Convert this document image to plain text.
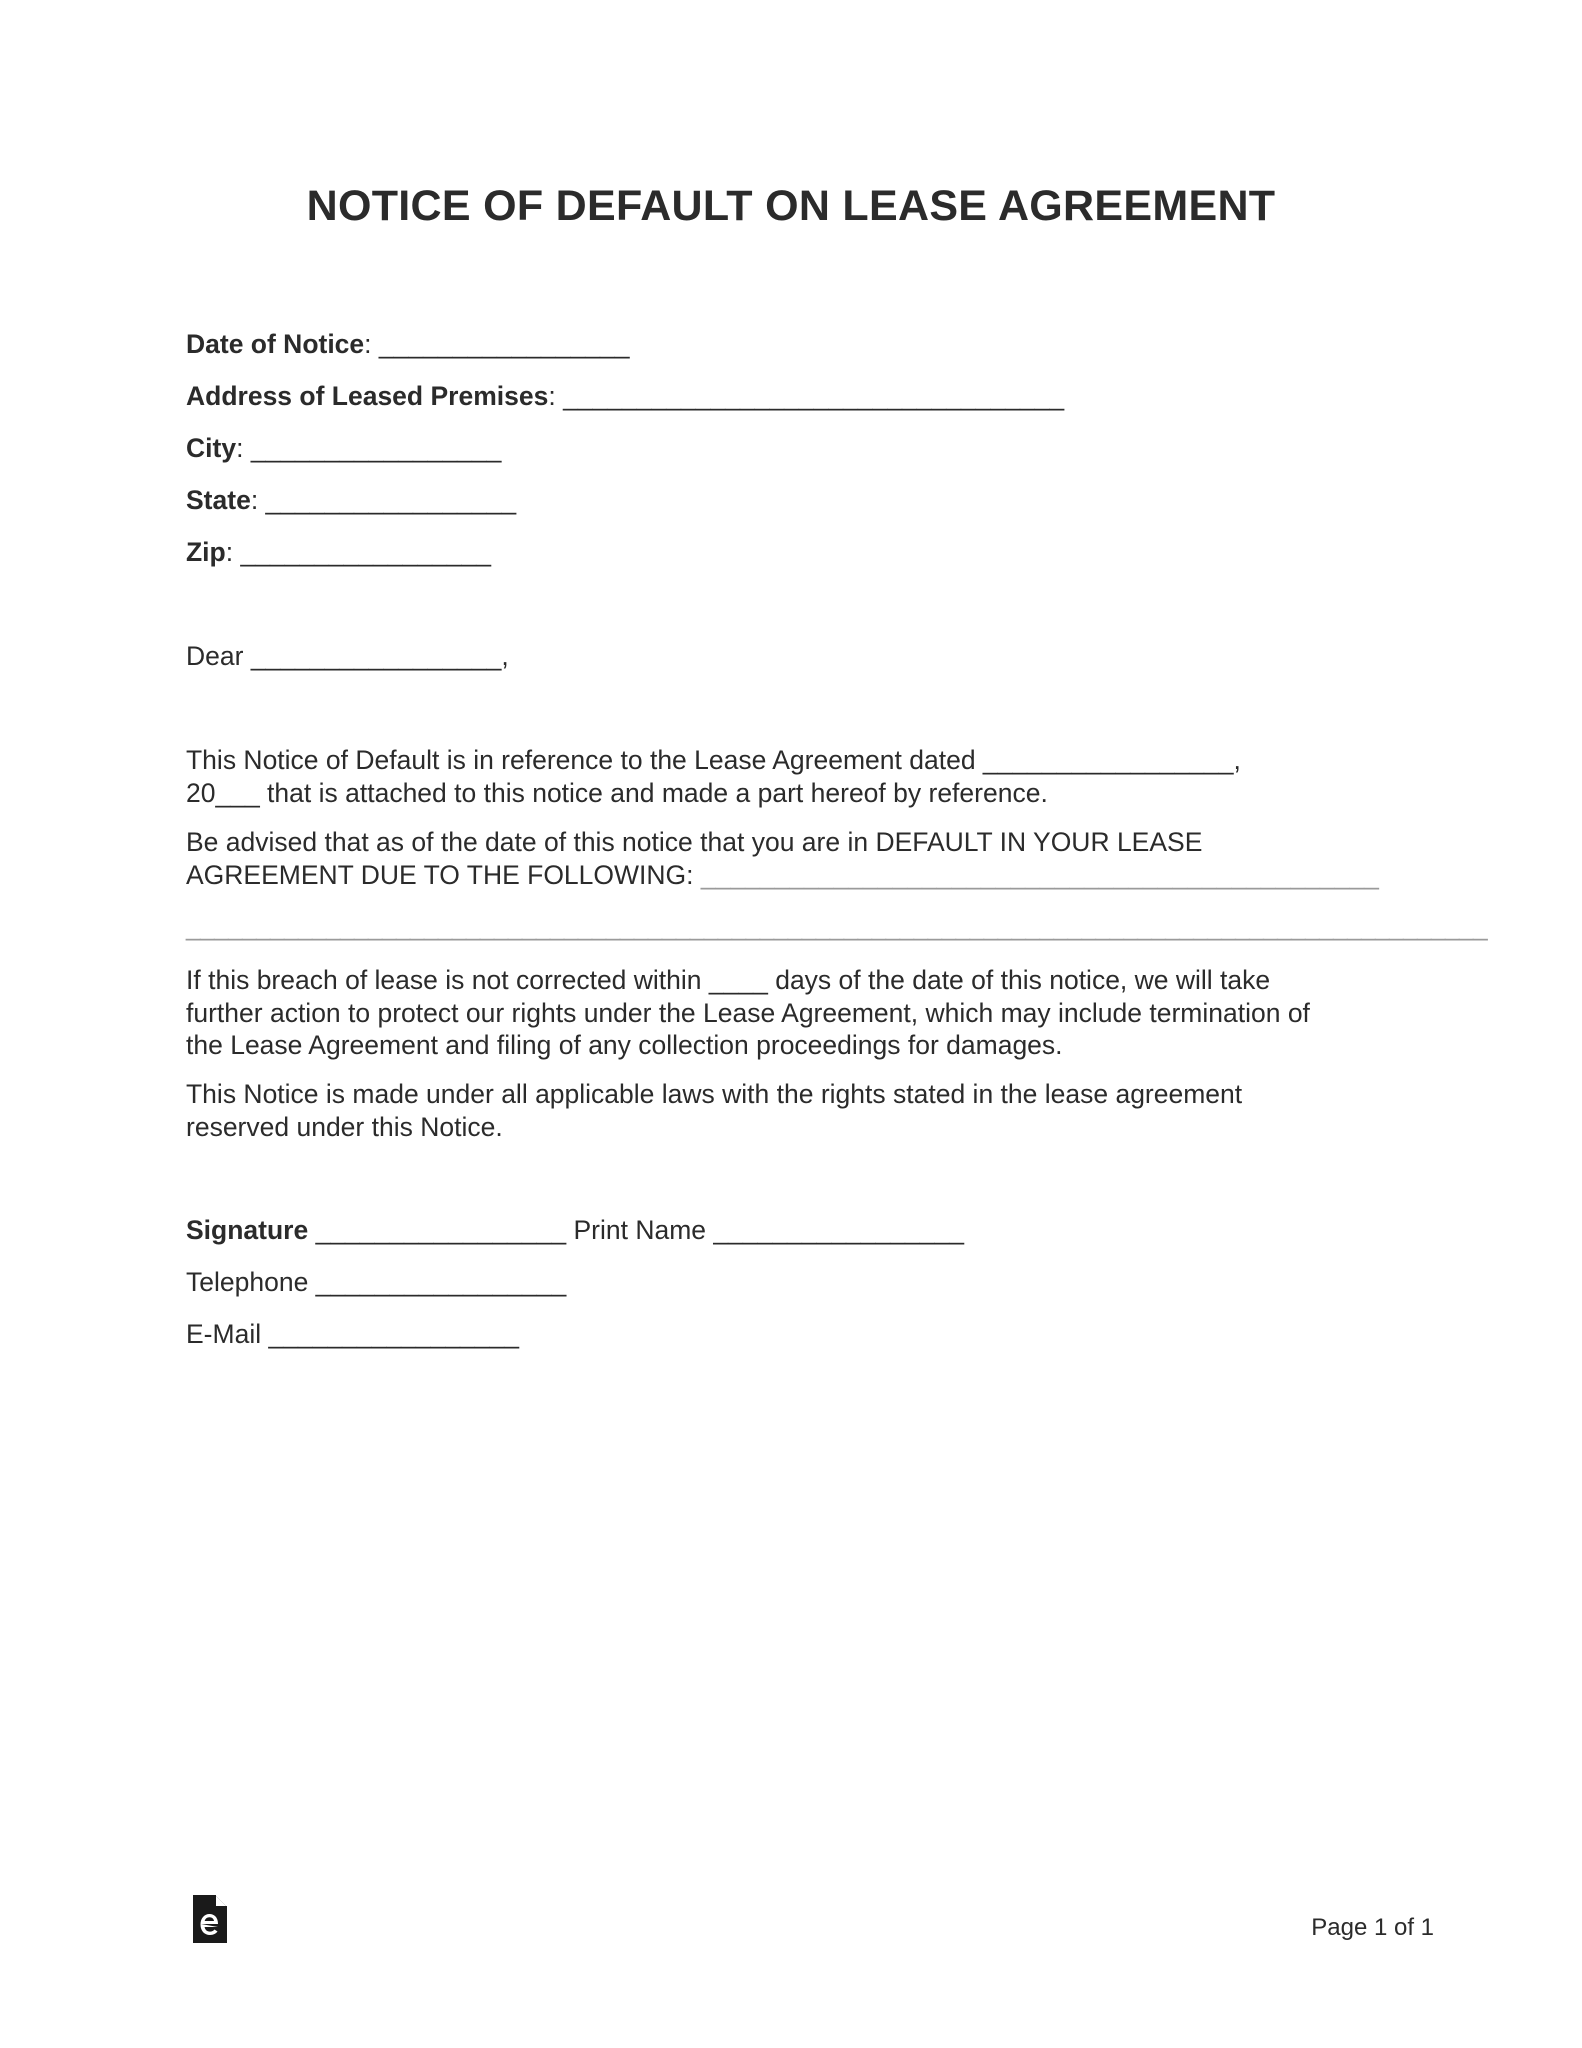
NOTICE OF DEFAULT ON LEASE AGREEMENT
Date of Notice: _________________
Address of Leased Premises: __________________________________
City: _________________
State: _________________
Zip: _________________
Dear _________________,

This Notice of Default is in reference to the Lease Agreement dated _________________,

20___ that is attached to this notice and made a part hereof by reference.

Be advised that as of the date of this notice that you are in DEFAULT IN YOUR LEASE

AGREEMENT DUE TO THE FOLLOWING: ______________________________________________

_____________________________________________________________________________________________

If this breach of lease is not corrected within ____ days of the date of this notice, we will take

further action to protect our rights under the Lease Agreement, which may include termination of

the Lease Agreement and filing of any collection proceedings for damages.

This Notice is made under all applicable laws with the rights stated in the lease agreement

reserved under this Notice.

Signature _________________ Print Name _________________
Telephone _________________
E-Mail _________________
Page 1 of 1
